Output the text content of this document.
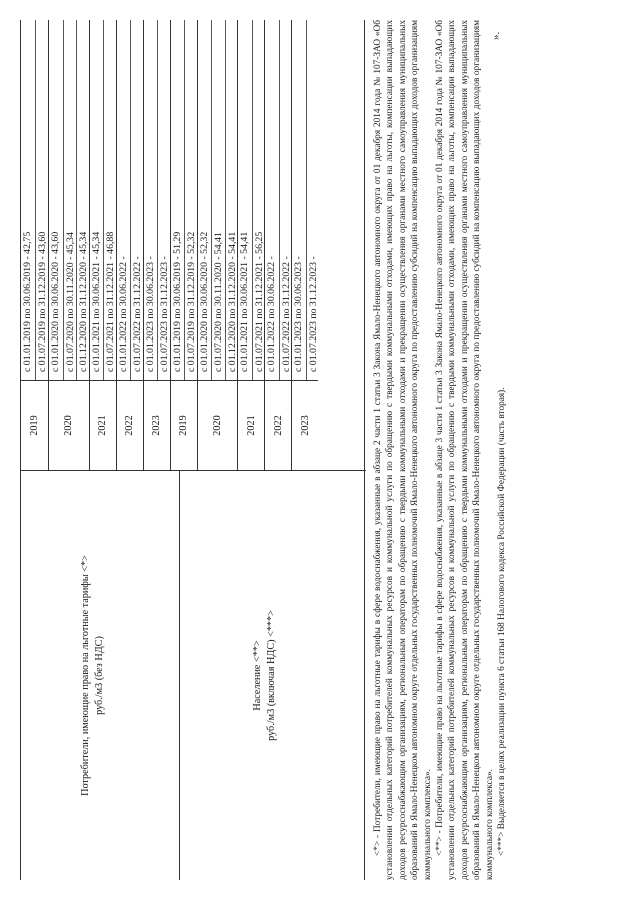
Потребители, имеющие право на льготные тарифы <*> руб./м3 (без НДС)	Население <**> руб./м3 (включая НДС) <***>
2019
с 01.01.2019 по 30.06.2019 - 42,75 с 01.07.2019 по 31.12.2019 - 43,60
2020
с 01.01.2020 по 30.06.2020 - 43,60 с 01.07.2020 по 30.11.2020 - 45,34 с 01.12.2020 по 31.12.2020 - 45,34
2021
с 01.01.2021 по 30.06.2021 - 45,34 с 01.07.2021 по 31.12.2021 - 46,88
2022
с 01.01.2022 по 30.06.2022 - с 01.07.2022 по 31.12.2022 -
2023
с 01.01.2023 по 30.06.2023 - с 01.07.2023 по 31.12.2023 -
2019
с 01.01.2019 по 30.06.2019 - 51,29 с 01.07.2019 по 31.12.2019 - 52,32
2020
с 01.01.2020 по 30.06.2020 - 52,32 с 01.07.2020 по 30.11.2020 - 54,41 с 01.12.2020 по 31.12.2020 - 54,41
2021
с 01.01.2021 по 30.06.2021 - 54,41 с 01.07.2021 по 31.12.2021 - 56,25
2022
с 01.01.2022 по 30.06.2022 - с 01.07.2022 по 31.12.2022 -
2023
с 01.01.2023 по 30.06.2023 - с 01.07.2023 по 31.12.2023 -	<*> - Потребители, имеющие право на льготные тарифы в сфере водоснабжения, указанные в абзаце 2 части 1 статьи 3 Закона Ямало-Ненецкого автономного округа от 01 декабря 2014 года № 107-ЗАО «Об установлении отдельных категорий потребителей коммунальных ресурсов и коммунальной услуги по обращению с твердыми коммунальными отходами, имеющих право на льготы, компенсации выпадающих доходов ресурсоснабжающим организациям, региональным операторам по обращению с твердыми коммунальными отходами и прекращении осуществления органами местного самоуправления муниципальных образований в Ямало-Ненецком автономном округе отдельных государственных полномочий Ямало-Ненецкого автономного округа по предоставлению субсидий на компенсацию выпадающих доходов организациям коммунального комплекса». <**> - Потребители, имеющие право на льготные тарифы в сфере водоснабжения, указанные в абзаце 3 части 1 статьи 3 Закона Ямало-Ненецкого автономного округа от 01 декабря 2014 года № 107-ЗАО «Об установлении отдельных категорий потребителей коммунальных ресурсов и коммунальной услуги по обращению с твердыми коммунальными отходами, имеющих право на льготы, компенсации выпадающих доходов ресурсоснабжающим организациям, региональным операторам по обращению с твердыми коммунальными отходами и прекращении осуществления органами местного самоуправления муниципальных образований в Ямало-Ненецком автономном округе отдельных государственных полномочий Ямало-Ненецкого автономного округа по предоставлению субсидий на компенсацию выпадающих доходов организациям коммунального комплекса». <***> Выделяется в целях реализации пункта 6 статьи 168 Налогового кодекса Российской Федерации (часть вторая).

».
